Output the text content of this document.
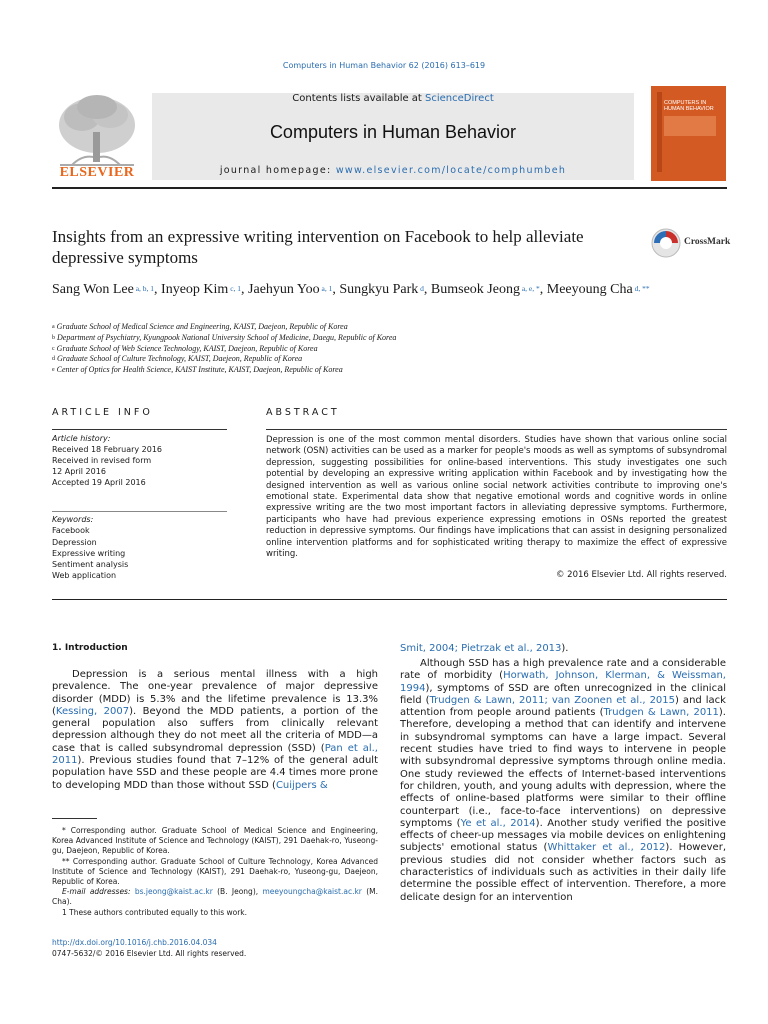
Computers in Human Behavior 62 (2016) 613–619
ELSEVIER
Contents lists available at ScienceDirect
Computers in Human Behavior
journal homepage: www.elsevier.com/locate/comphumbeh
COMPUTERS IN HUMAN BEHAVIOR
Insights from an expressive writing intervention on Facebook to help alleviate depressive symptoms
CrossMark
Sang Won Lee $^{a, b, 1}$, Inyeop Kim $^{c, 1}$, Jaehyun Yoo $^{a, 1}$, Sungkyu Park $^d$, Bumseok Jeong $^{a, e, *}$, Meeyoung Cha $^{d, **}$
$^a$ Graduate School of Medical Science and Engineering, KAIST, Daejeon, Republic of Korea
$^b$ Department of Psychiatry, Kyungpook National University School of Medicine, Daegu, Republic of Korea
$^c$ Graduate School of Web Science Technology, KAIST, Daejeon, Republic of Korea
$^d$ Graduate School of Culture Technology, KAIST, Daejeon, Republic of Korea
$^e$ Center of Optics for Health Science, KAIST Institute, KAIST, Daejeon, Republic of Korea
ARTICLE INFO
Article history:
Received 18 February 2016
Received in revised form
12 April 2016
Accepted 19 April 2016
Keywords:
Facebook
Depression
Expressive writing
Sentiment analysis
Web application
ABSTRACT
Depression is one of the most common mental disorders. Studies have shown that various online social network (OSN) activities can be used as a marker for people's moods as well as symptoms of subsyndromal depression, suggesting possibilities for online-based interventions. This study investigates one such potential by developing an expressive writing application within Facebook and by investigating how the designed intervention as well as various online social network activities contribute to improving one's emotional state. Experimental data show that negative emotional words and cognitive words in online expressive writing are the two most important factors in alleviating depressive symptoms. Furthermore, participants who have had previous experience expressing emotions in OSNs reported the greatest reduction in depressive symptoms. Our findings have implications that can assist in designing personalized online intervention platforms and for sophisticated writing therapy to maximize the effect of expressive writing.
© 2016 Elsevier Ltd. All rights reserved.
1. Introduction
Depression is a serious mental illness with a high prevalence. The one-year prevalence of major depressive disorder (MDD) is 5.3% and the lifetime prevalence is 13.3% (Kessing, 2007). Beyond the MDD patients, a portion of the general population also suffers from clinically relevant depression although they do not meet all the criteria of MDD—a case that is called subsyndromal depression (SSD) (Pan et al., 2011). Previous studies found that 7–12% of the general adult population have SSD and these people are 4.4 times more prone to developing MDD than those without SSD (Cuijpers &
Smit, 2004; Pietrzak et al., 2013).
Although SSD has a high prevalence rate and a considerable rate of morbidity (Horwath, Johnson, Klerman, & Weissman, 1994), symptoms of SSD are often unrecognized in the clinical field (Trudgen & Lawn, 2011; van Zoonen et al., 2015) and lack attention from people around patients (Trudgen & Lawn, 2011). Therefore, developing a method that can identify and intervene in subsyndromal symptoms can have a large impact. Several recent studies have tried to find ways to intervene in people with subsyndromal depressive symptoms through online media. One study reviewed the effects of Internet-based interventions for children, youth, and young adults with depression, where the effects of online-based platforms were similar to their offline counterpart (i.e., face-to-face interventions) on depressive symptoms (Ye et al., 2014). Another study verified the positive effects of cheer-up messages via mobile devices on enlightening subjects' emotional status (Whittaker et al., 2012). However, previous studies did not consider whether factors such as characteristics of individuals such as activities in their daily life determine the possible effect of intervention. Therefore, a more delicate design for an intervention

* Corresponding author. Graduate School of Medical Science and Engineering, Korea Advanced Institute of Science and Technology (KAIST), 291 Daehak-ro, Yuseong-gu, Daejeon, Republic of Korea.

** Corresponding author. Graduate School of Culture Technology, Korea Advanced Institute of Science and Technology (KAIST), 291 Daehak-ro, Yuseong-gu, Daejeon, Republic of Korea.

E-mail addresses: bs.jeong@kaist.ac.kr (B. Jeong), meeyoungcha@kaist.ac.kr (M. Cha).

1 These authors contributed equally to this work.

http://dx.doi.org/10.1016/j.chb.2016.04.034
0747-5632/© 2016 Elsevier Ltd. All rights reserved.
